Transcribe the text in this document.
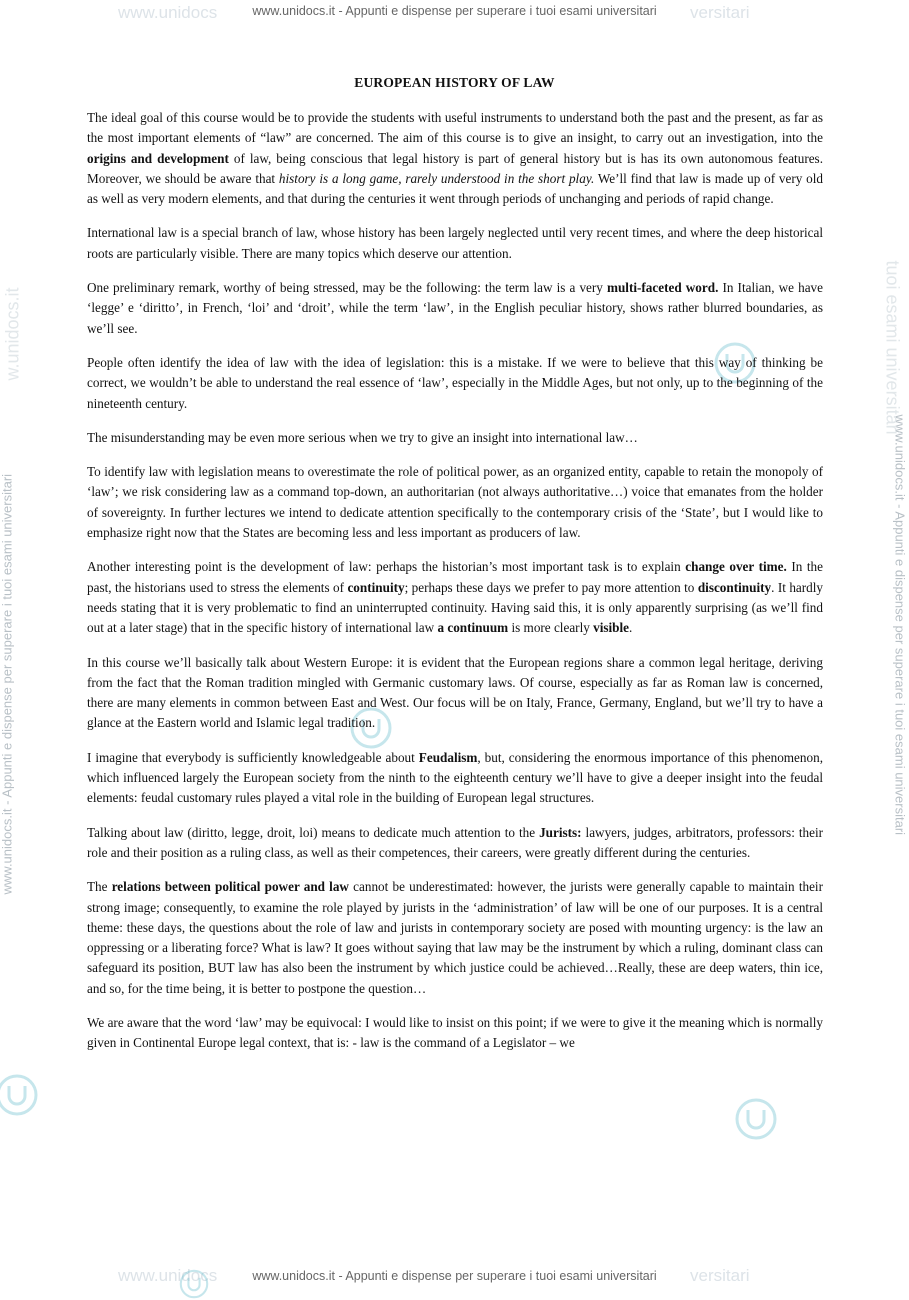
www.unidocs	versitari
www.unidocs.it - Appunti e dispense per superare i tuoi esami universitari
www.unidocs	versitari
www.unidocs.it - Appunti e dispense per superare i tuoi esami universitari
www.unidocs.it - Appunti e dispense per superare i tuoi esami universitari
w.unidocs.it
www.unidocs.it - Appunti e dispense per superare i tuoi esami universitari
tuoi esami universitari
EUROPEAN HISTORY OF LAW

The ideal goal of this course would be to provide the students with useful instruments to understand both the past and the present, as far as the most important elements of “law” are concerned. The aim of this course is to give an insight, to carry out an investigation, into the origins and development of law, being conscious that legal history is part of general history but is has its own autonomous features. Moreover, we should be aware that history is a long game, rarely understood in the short play. We’ll find that law is made up of very old as well as very modern elements, and that during the centuries it went through periods of unchanging and periods of rapid change.

International law is a special branch of law, whose history has been largely neglected until very recent times, and where the deep historical roots are particularly visible. There are many topics which deserve our attention.

One preliminary remark, worthy of being stressed, may be the following: the term law is a very multi-faceted word. In Italian, we have ‘legge’ e ‘diritto’, in French, ‘loi’ and ‘droit’, while the term ‘law’, in the English peculiar history, shows rather blurred boundaries, as we’ll see.

People often identify the idea of law with the idea of legislation: this is a mistake. If we were to believe that this way of thinking be correct, we wouldn’t be able to understand the real essence of ‘law’, especially in the Middle Ages, but not only, up to the beginning of the nineteenth century.

The misunderstanding may be even more serious when we try to give an insight into international law…

To identify law with legislation means to overestimate the role of political power, as an organized entity, capable to retain the monopoly of ‘law’; we risk considering law as a command top-down, an authoritarian (not always authoritative…) voice that emanates from the holder of sovereignty. In further lectures we intend to dedicate attention specifically to the contemporary crisis of the ‘State’, but I would like to emphasize right now that the States are becoming less and less important as producers of law.

Another interesting point is the development of law: perhaps the historian’s most important task is to explain change over time. In the past, the historians used to stress the elements of continuity; perhaps these days we prefer to pay more attention to discontinuity. It hardly needs stating that it is very problematic to find an uninterrupted continuity. Having said this, it is only apparently surprising (as we’ll find out at a later stage) that in the specific history of international law a continuum is more clearly visible.

In this course we’ll basically talk about Western Europe: it is evident that the European regions share a common legal heritage, deriving from the fact that the Roman tradition mingled with Germanic customary laws. Of course, especially as far as Roman law is concerned, there are many elements in common between East and West. Our focus will be on Italy, France, Germany, England, but we’ll try to have a glance at the Eastern world and Islamic legal tradition.

I imagine that everybody is sufficiently knowledgeable about Feudalism, but, considering the enormous importance of this phenomenon, which influenced largely the European society from the ninth to the eighteenth century we’ll have to give a deeper insight into the feudal elements: feudal customary rules played a vital role in the building of European legal structures.

Talking about law (diritto, legge, droit, loi) means to dedicate much attention to the Jurists: lawyers, judges, arbitrators, professors: their role and their position as a ruling class, as well as their competences, their careers, were greatly different during the centuries.

The relations between political power and law cannot be underestimated: however, the jurists were generally capable to maintain their strong image; consequently, to examine the role played by jurists in the ‘administration’ of law will be one of our purposes. It is a central theme: these days, the questions about the role of law and jurists in contemporary society are posed with mounting urgency: is the law an oppressing or a liberating force? What is law? It goes without saying that law may be the instrument by which a ruling, dominant class can safeguard its position, BUT law has also been the instrument by which justice could be achieved…Really, these are deep waters, thin ice, and so, for the time being, it is better to postpone the question…

We are aware that the word ‘law’ may be equivocal: I would like to insist on this point; if we were to give it the meaning which is normally given in Continental Europe legal context, that is: - law is the command of a Legislator – we
